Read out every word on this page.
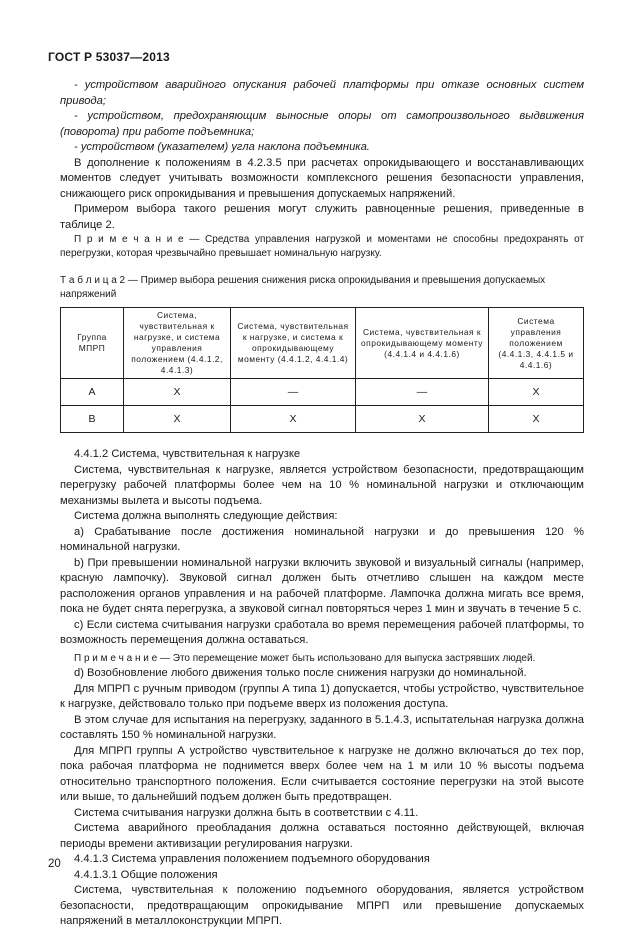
ГОСТ Р 53037—2013

- устройством аварийного опускания рабочей платформы при отказе основных систем привода;

- устройством, предохраняющим выносные опоры от самопроизвольного выдвижения (поворота) при работе подъемника;

- устройством (указателем) угла наклона подъемника.

В дополнение к положениям в 4.2.3.5 при расчетах опрокидывающего и восстанавливающих моментов следует учитывать возможности комплексного решения безопасности управления, снижающего риск опрокидывания и превышения допускаемых напряжений.

Примером выбора такого решения могут служить равноценные решения, приведенные в таблице 2.

П р и м е ч а н и е — Средства управления нагрузкой и моментами не способны предохранять от перегрузки, которая чрезвычайно превышает номинальную нагрузку.

Т а б л и ц а 2 — Пример выбора решения снижения риска опрокидывания и превышения допускаемых напряжений
Группа МПРП	Система, чувствительная к нагрузке, и система управления положением (4.4.1.2, 4.4.1.3)	Система, чувствительная к нагрузке, и система к опрокидывающему моменту (4.4.1.2, 4.4.1.4)	Система, чувствительная к опрокидывающему моменту (4.4.1.4 и 4.4.1.6)	Система управления положением (4.4.1.3, 4.4.1.5 и 4.4.1.6)
А	X	—	—	X
В	X	X	X	X

4.4.1.2 Система, чувствительная к нагрузке

Система, чувствительная к нагрузке, является устройством безопасности, предотвращающим перегрузку рабочей платформы более чем на 10 % номинальной нагрузки и отключающим механизмы вылета и высоты подъема.

Система должна выполнять следующие действия:

а) Срабатывание после достижения номинальной нагрузки и до превышения 120 % номинальной нагрузки.

b) При превышении номинальной нагрузки включить звуковой и визуальный сигналы (например, красную лампочку). Звуковой сигнал должен быть отчетливо слышен на каждом месте расположения органов управления и на рабочей платформе. Лампочка должна мигать все время, пока не будет снята перегрузка, а звуковой сигнал повторяться через 1 мин и звучать в течение 5 с.

с) Если система считывания нагрузки сработала во время перемещения рабочей платформы, то возможность перемещения должна оставаться.

П р и м е ч а н и е — Это перемещение может быть использовано для выпуска застрявших людей.

d) Возобновление любого движения только после снижения нагрузки до номинальной.

Для МПРП с ручным приводом (группы А типа 1) допускается, чтобы устройство, чувствительное к нагрузке, действовало только при подъеме вверх из положения доступа.

В этом случае для испытания на перегрузку, заданного в 5.1.4.3, испытательная нагрузка должна составлять 150 % номинальной нагрузки.

Для МПРП группы А устройство чувствительное к нагрузке не должно включаться до тех пор, пока рабочая платформа не поднимется вверх более чем на 1 м или 10 % высоты подъема относительно транспортного положения. Если считывается состояние перегрузки на этой высоте или выше, то дальнейший подъем должен быть предотвращен.

Система считывания нагрузки должна быть в соответствии с 4.11.

Система аварийного преобладания должна оставаться постоянно действующей, включая периоды времени активизации регулирования нагрузки.

4.4.1.3 Система управления положением подъемного оборудования

4.4.1.3.1 Общие положения

Система, чувствительная к положению подъемного оборудования, является устройством безопасности, предотвращающим опрокидывание МПРП или превышение допускаемых напряжений в металлоконструкции МПРП.

20
